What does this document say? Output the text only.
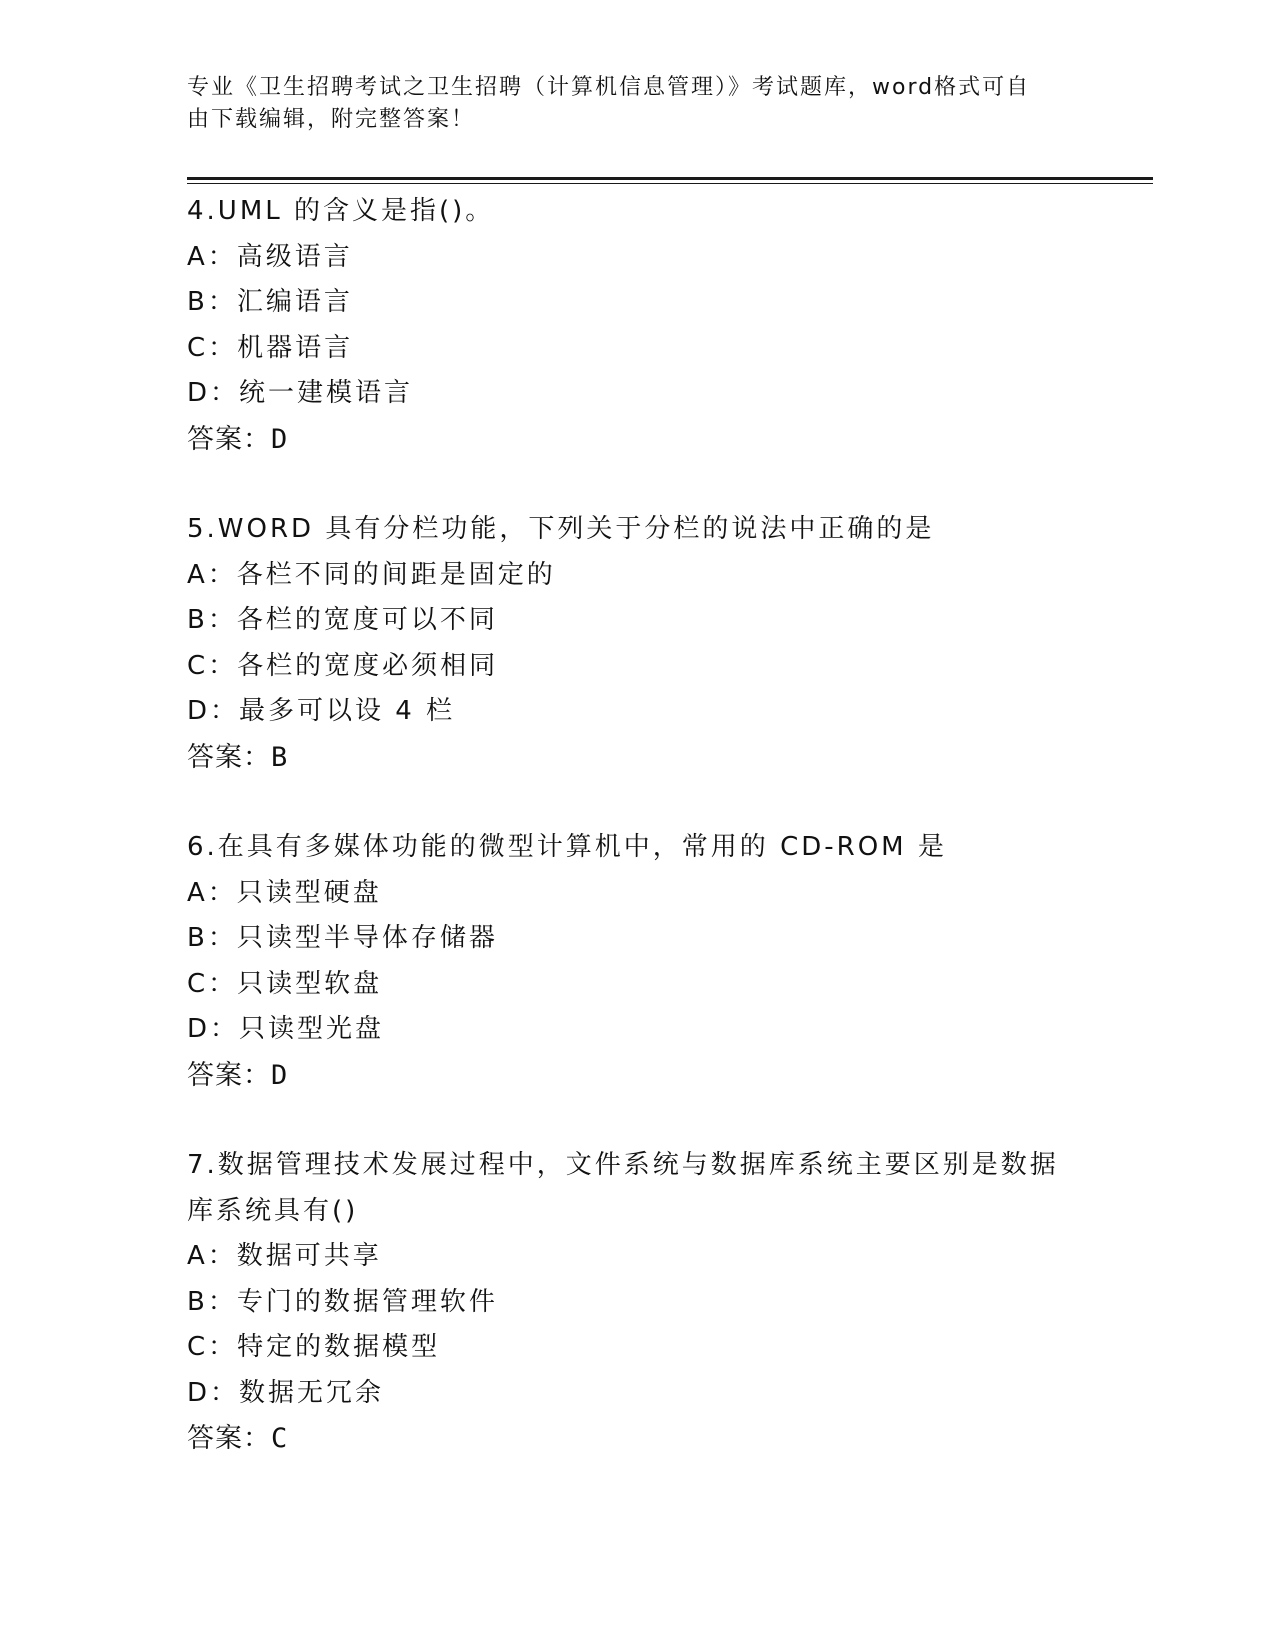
专业《卫生招聘考试之卫生招聘（计算机信息管理）》考试题库，word格式可自
由下载编辑，附完整答案！
4.UML 的含义是指()。
A：高级语言
B：汇编语言
C：机器语言
D：统一建模语言
答案：D
5.WORD 具有分栏功能，下列关于分栏的说法中正确的是
A：各栏不同的间距是固定的
B：各栏的宽度可以不同
C：各栏的宽度必须相同
D：最多可以设 4 栏
答案：B
6.在具有多媒体功能的微型计算机中，常用的 CD-ROM 是
A：只读型硬盘
B：只读型半导体存储器
C：只读型软盘
D：只读型光盘
答案：D
7.数据管理技术发展过程中，文件系统与数据库系统主要区别是数据
库系统具有()
A：数据可共享
B：专门的数据管理软件
C：特定的数据模型
D：数据无冗余
答案：C
